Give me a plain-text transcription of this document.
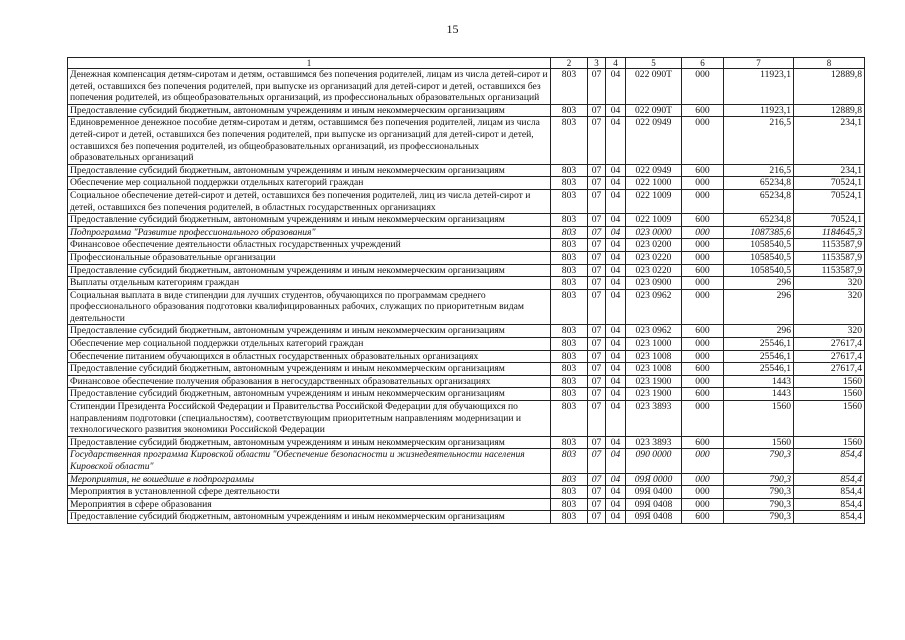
15
1	2	3	4	5	6	7	8
Денежная компенсация детям-сиротам и детям, оставшимся без попечения родителей, лицам из числа детей-сирот и детей, оставшихся без попечения родителей, при выпуске из организаций для детей-сирот и детей, оставшихся без попечения родителей, из общеобразовательных организаций, из профессиональных образовательных организаций	803	07	04	022 090Т	000	11923,1	12889,8
Предоставление субсидий бюджетным, автономным учреждениям и иным некоммерческим организациям	803	07	04	022 090Т	600	11923,1	12889,8
Единовременное денежное пособие детям-сиротам и детям, оставшимся без попечения родителей, лицам из числа детей-сирот и детей, оставшихся без попечения родителей, при выпуске из организаций для детей-сирот и детей, оставшихся без попечения родителей, из общеобразовательных организаций, из профессиональных образовательных организаций	803	07	04	022 0949	000	216,5	234,1
Предоставление субсидий бюджетным, автономным учреждениям и иным некоммерческим организациям	803	07	04	022 0949	600	216,5	234,1
Обеспечение мер социальной поддержки отдельных категорий граждан	803	07	04	022 1000	000	65234,8	70524,1
Социальное обеспечение детей-сирот и детей, оставшихся без попечения родителей, лиц из числа детей-сирот и детей, оставшихся без попечения родителей, в областных государственных организациях	803	07	04	022 1009	000	65234,8	70524,1
Предоставление субсидий бюджетным, автономным учреждениям и иным некоммерческим организациям	803	07	04	022 1009	600	65234,8	70524,1
Подпрограмма "Развитие профессионального образования"	803	07	04	023 0000	000	1087385,6	1184645,3
Финансовое обеспечение деятельности областных государственных учреждений	803	07	04	023 0200	000	1058540,5	1153587,9
Профессиональные образовательные организации	803	07	04	023 0220	000	1058540,5	1153587,9
Предоставление субсидий бюджетным, автономным учреждениям и иным некоммерческим организациям	803	07	04	023 0220	600	1058540,5	1153587,9
Выплаты отдельным категориям граждан	803	07	04	023 0900	000	296	320
Социальная выплата в виде стипендии для лучших студентов, обучающихся по программам среднего профессионального образования подготовки квалифицированных рабочих, служащих по приоритетным видам деятельности	803	07	04	023 0962	000	296	320
Предоставление субсидий бюджетным, автономным учреждениям и иным некоммерческим организациям	803	07	04	023 0962	600	296	320
Обеспечение мер социальной поддержки отдельных категорий граждан	803	07	04	023 1000	000	25546,1	27617,4
Обеспечение питанием обучающихся в областных государственных образовательных организациях	803	07	04	023 1008	000	25546,1	27617,4
Предоставление субсидий бюджетным, автономным учреждениям и иным некоммерческим организациям	803	07	04	023 1008	600	25546,1	27617,4
Финансовое обеспечение получения образования в негосударственных образовательных организациях	803	07	04	023 1900	000	1443	1560
Предоставление субсидий бюджетным, автономным учреждениям и иным некоммерческим организациям	803	07	04	023 1900	600	1443	1560
Стипендии Президента Российской Федерации и Правительства Российской Федерации для обучающихся по направлениям подготовки (специальностям), соответствующим приоритетным направлениям модернизации и технологического развития экономики Российской Федерации	803	07	04	023 3893	000	1560	1560
Предоставление субсидий бюджетным, автономным учреждениям и иным некоммерческим организациям	803	07	04	023 3893	600	1560	1560
Государственная программа Кировской области "Обеспечение безопасности и жизнедеятельности населения Кировской области"	803	07	04	090 0000	000	790,3	854,4
Мероприятия, не вошедшие в подпрограммы	803	07	04	09Я 0000	000	790,3	854,4
Мероприятия в установленной сфере деятельности	803	07	04	09Я 0400	000	790,3	854,4
Мероприятия в сфере образования	803	07	04	09Я 0408	000	790,3	854,4
Предоставление субсидий бюджетным, автономным учреждениям и иным некоммерческим организациям	803	07	04	09Я 0408	600	790,3	854,4
